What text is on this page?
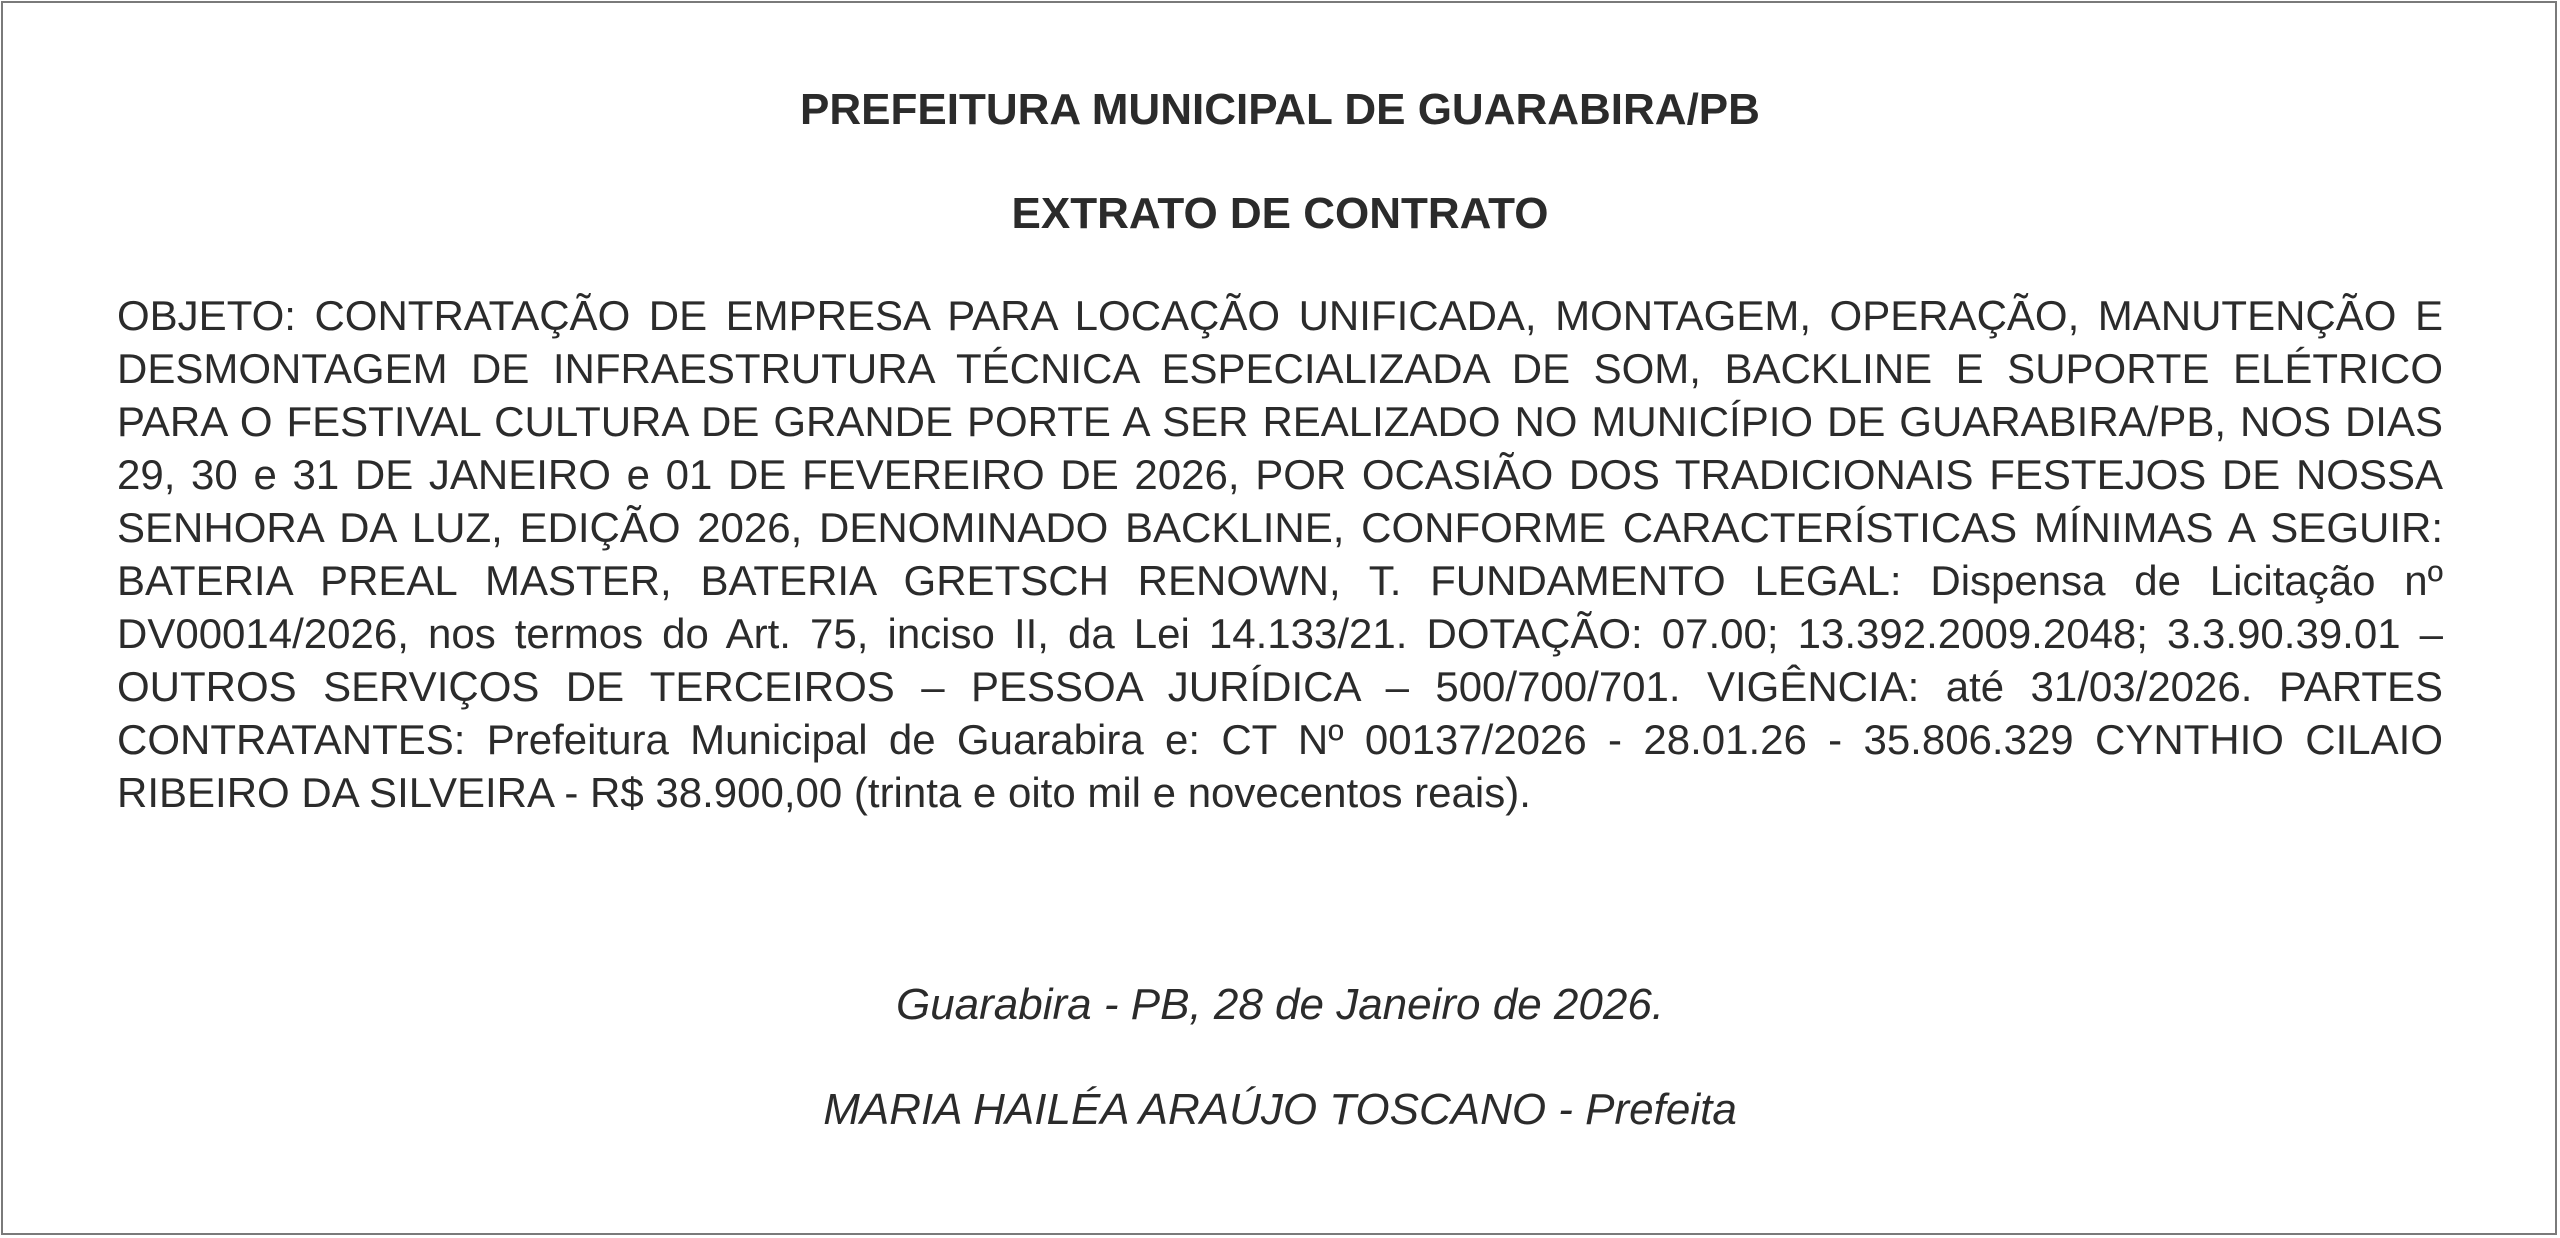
PREFEITURA MUNICIPAL DE GUARABIRA/PB
EXTRATO DE CONTRATO

OBJETO: CONTRATAÇÃO DE EMPRESA PARA LOCAÇÃO UNIFICADA, MONTAGEM, OPERAÇÃO, MANUTENÇÃO E DESMONTAGEM DE INFRAESTRUTURA TÉCNICA ESPECIALIZADA DE SOM, BACKLINE E SUPORTE ELÉTRICO PARA O FESTIVAL CULTURA DE GRANDE PORTE A SER REALIZADO NO MUNICÍPIO DE GUARABIRA/PB, NOS DIAS 29, 30 e 31 DE JANEIRO e 01 DE FEVEREIRO DE 2026, POR OCASIÃO DOS TRADICIONAIS FESTEJOS DE NOSSA SENHORA DA LUZ, EDIÇÃO 2026, DENOMINADO BACKLINE, CONFORME CARACTERÍSTICAS MÍNIMAS A SEGUIR: BATERIA PREAL MASTER, BATERIA GRETSCH RENOWN, T. FUNDAMENTO LEGAL: Dispensa de Licitação nº DV00014/2026, nos termos do Art. 75, inciso II, da Lei 14.133/21. DOTAÇÃO: 07.00; 13.392.2009.2048; 3.3.90.39.01 – OUTROS SERVIÇOS DE TERCEIROS – PESSOA JURÍDICA – 500/700/701. VIGÊNCIA: até 31/03/2026. PARTES CONTRATANTES: Prefeitura Municipal de Guarabira e: CT Nº 00137/2026 - 28.01.26 - 35.806.329 CYNTHIO CILAIO RIBEIRO DA SILVEIRA - R$ 38.900,00 (trinta e oito mil e novecentos reais).

Guarabira - PB, 28 de Janeiro de 2026.
MARIA HAILÉA ARAÚJO TOSCANO - Prefeita
